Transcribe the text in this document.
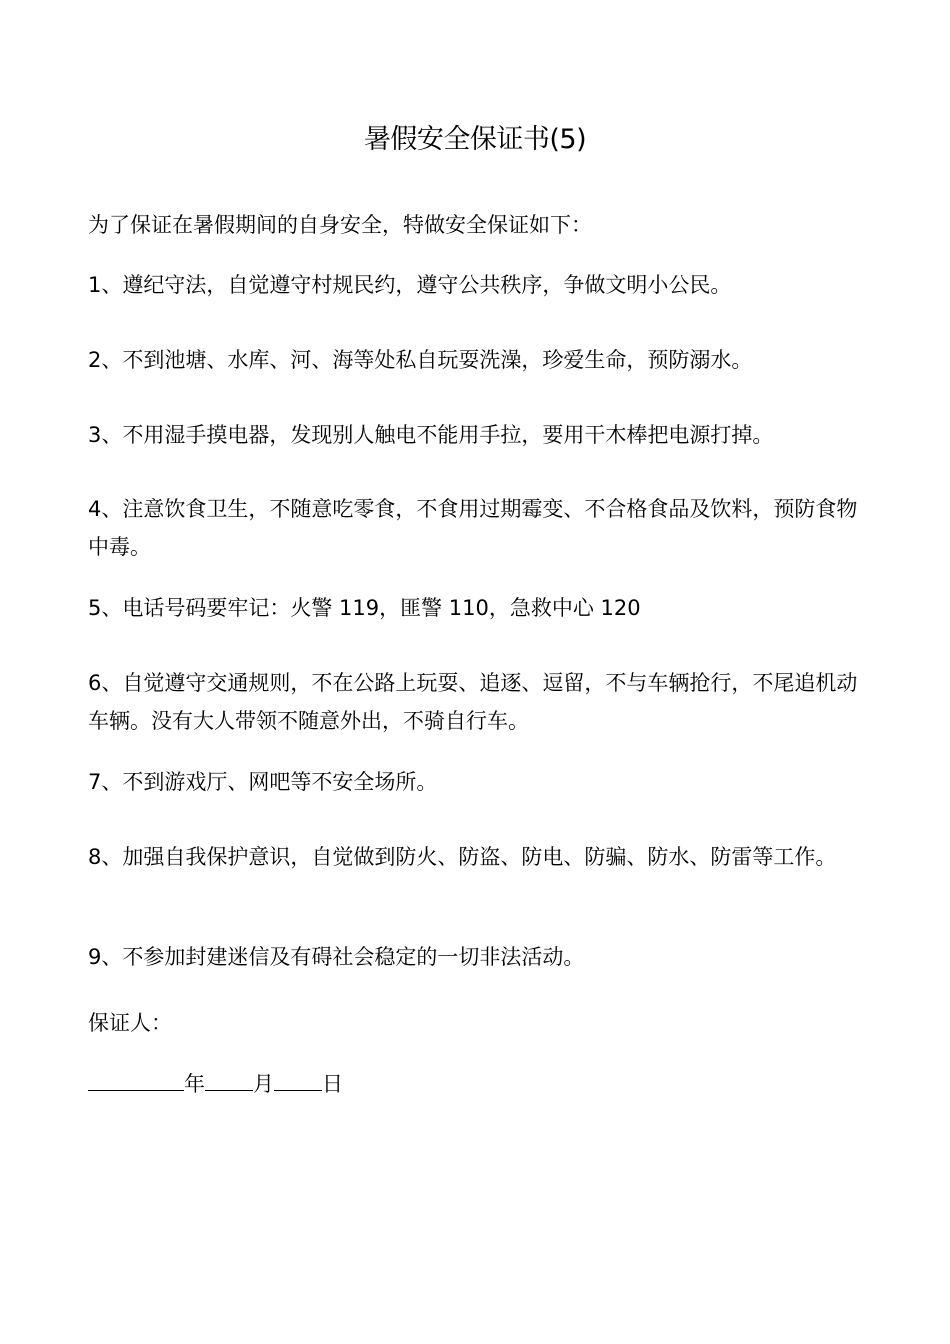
暑假安全保证书(5)
为了保证在暑假期间的自身安全，特做安全保证如下：
1、遵纪守法，自觉遵守村规民约，遵守公共秩序，争做文明小公民。
2、不到池塘、水库、河、海等处私自玩耍洗澡，珍爱生命，预防溺水。
3、不用湿手摸电器，发现别人触电不能用手拉，要用干木棒把电源打掉。
4、注意饮食卫生，不随意吃零食，不食用过期霉变、不合格食品及饮料，预防食物中毒。
5、电话号码要牢记：火警 119，匪警 110，急救中心 120
6、自觉遵守交通规则，不在公路上玩耍、追逐、逗留，不与车辆抢行，不尾追机动车辆。没有大人带领不随意外出，不骑自行车。
7、不到游戏厅、网吧等不安全场所。
8、加强自我保护意识，自觉做到防火、防盗、防电、防骗、防水、防雷等工作。
9、不参加封建迷信及有碍社会稳定的一切非法活动。
保证人：
年 月 日
